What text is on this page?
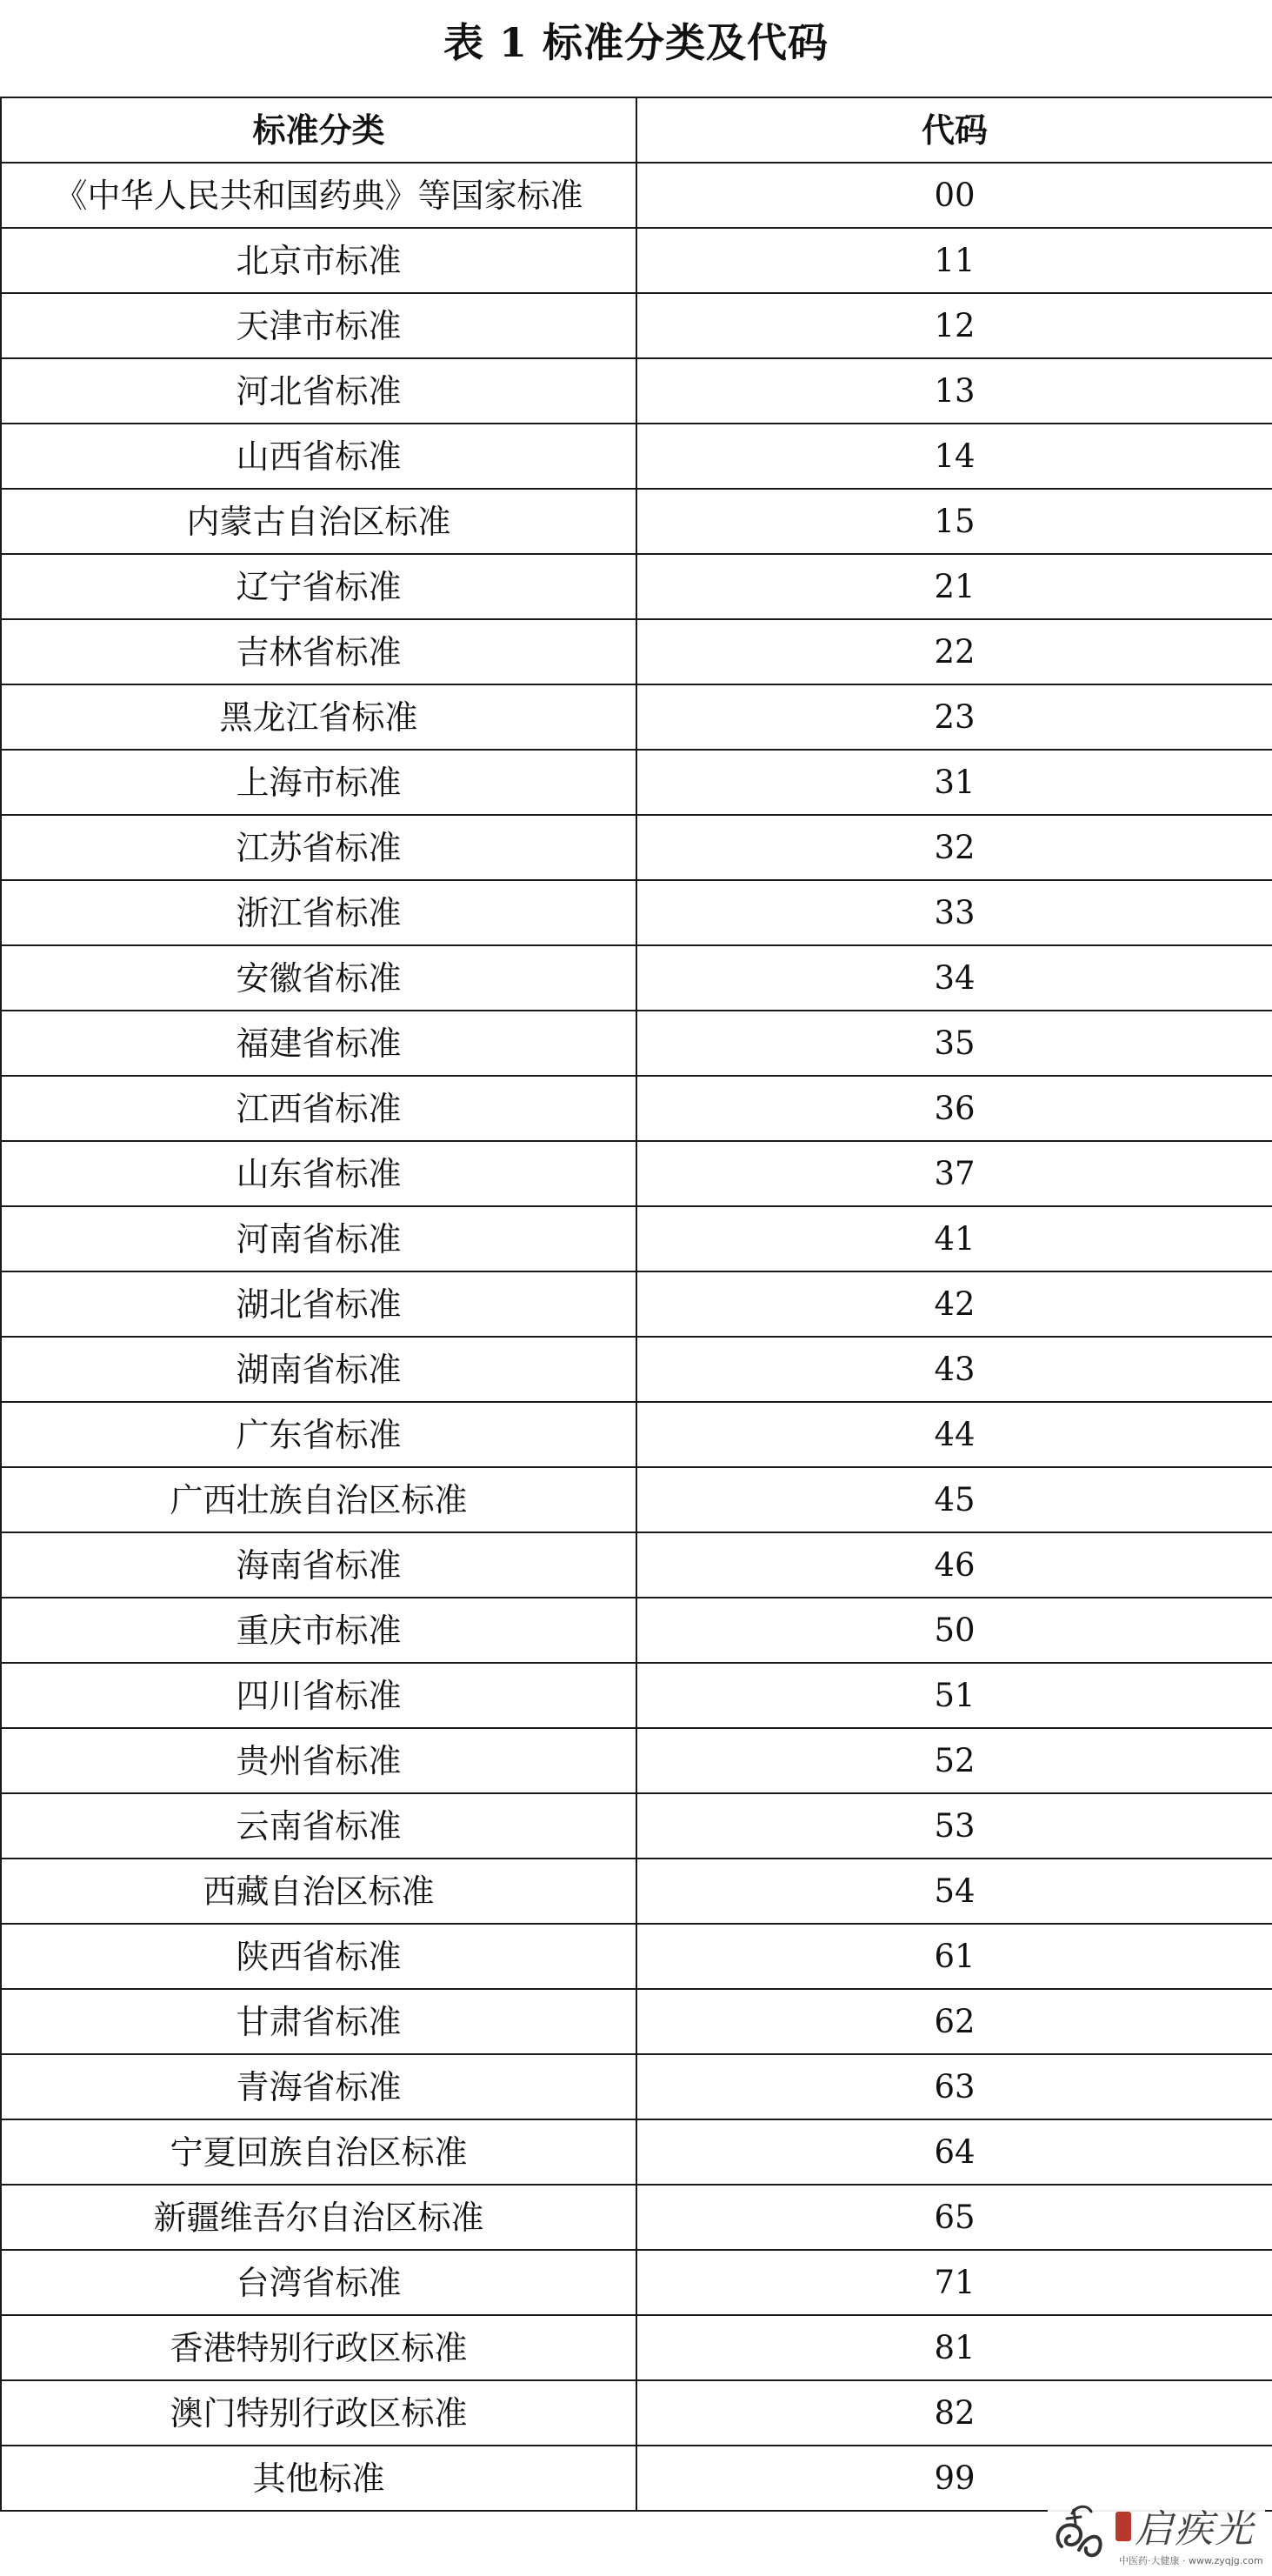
表 1 标准分类及代码
标准分类	代码
《中华人民共和国药典》等国家标准	00
北京市标准	11
天津市标准	12
河北省标准	13
山西省标准	14
内蒙古自治区标准	15
辽宁省标准	21
吉林省标准	22
黑龙江省标准	23
上海市标准	31
江苏省标准	32
浙江省标准	33
安徽省标准	34
福建省标准	35
江西省标准	36
山东省标准	37
河南省标准	41
湖北省标准	42
湖南省标准	43
广东省标准	44
广西壮族自治区标准	45
海南省标准	46
重庆市标准	50
四川省标准	51
贵州省标准	52
云南省标准	53
西藏自治区标准	54
陕西省标准	61
甘肃省标准	62
青海省标准	63
宁夏回族自治区标准	64
新疆维吾尔自治区标准	65
台湾省标准	71
香港特别行政区标准	81
澳门特别行政区标准	82
其他标准	99
启疾光
中医药·大健康 · www.zyqjg.com
